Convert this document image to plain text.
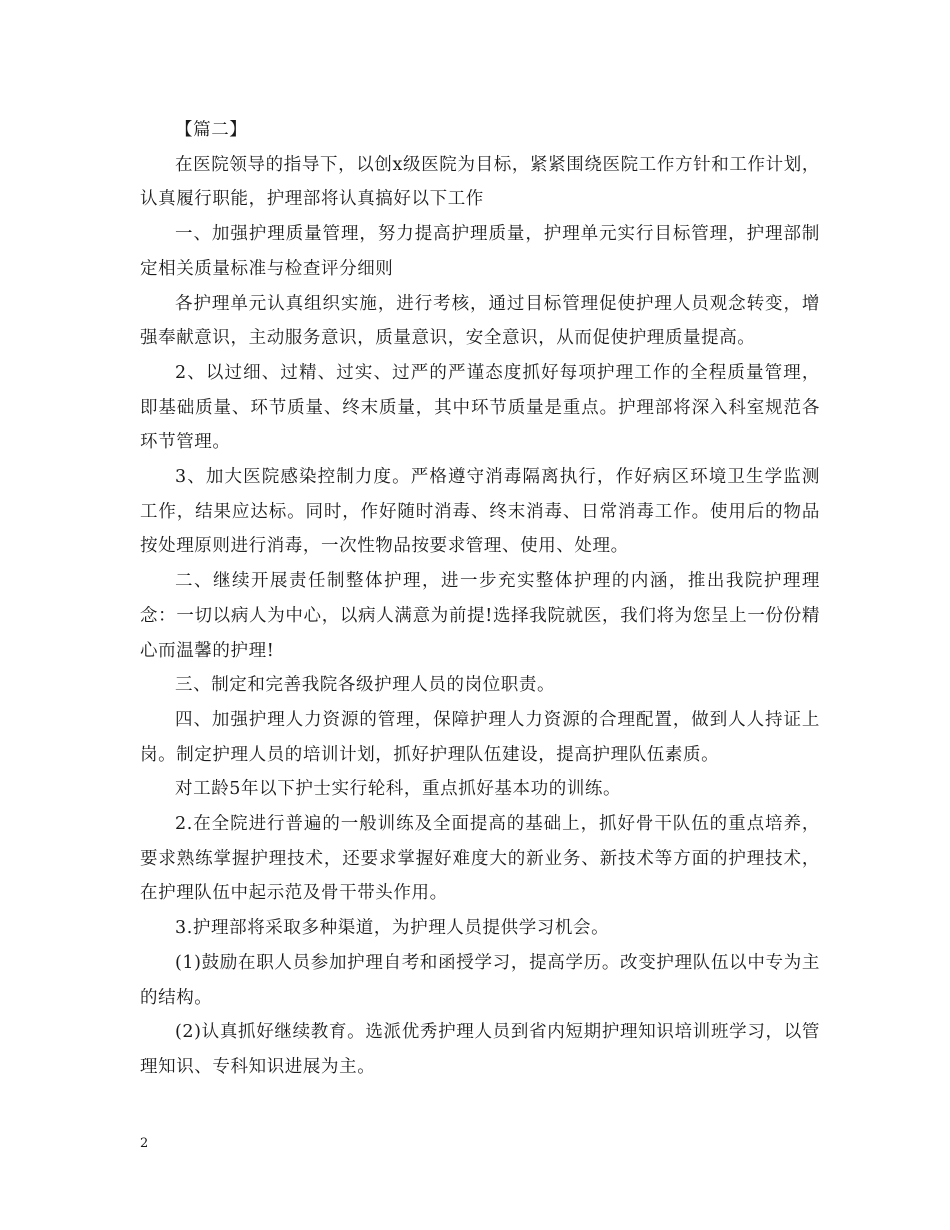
【篇二】

在医院领导的指导下，以创x级医院为目标，紧紧围绕医院工作方针和工作计划，认真履行职能，护理部将认真搞好以下工作

一、加强护理质量管理，努力提高护理质量，护理单元实行目标管理，护理部制定相关质量标准与检查评分细则

各护理单元认真组织实施，进行考核，通过目标管理促使护理人员观念转变，增强奉献意识，主动服务意识，质量意识，安全意识，从而促使护理质量提高。

2、以过细、过精、过实、过严的严谨态度抓好每项护理工作的全程质量管理，即基础质量、环节质量、终末质量，其中环节质量是重点。护理部将深入科室规范各环节管理。

3、加大医院感染控制力度。严格遵守消毒隔离执行，作好病区环境卫生学监测工作，结果应达标。同时，作好随时消毒、终末消毒、日常消毒工作。使用后的物品按处理原则进行消毒，一次性物品按要求管理、使用、处理。

二、继续开展责任制整体护理，进一步充实整体护理的内涵，推出我院护理理念：一切以病人为中心，以病人满意为前提!选择我院就医，我们将为您呈上一份份精心而温馨的护理!

三、制定和完善我院各级护理人员的岗位职责。

四、加强护理人力资源的管理，保障护理人力资源的合理配置，做到人人持证上岗。制定护理人员的培训计划，抓好护理队伍建设，提高护理队伍素质。

对工龄5年以下护士实行轮科，重点抓好基本功的训练。

2.在全院进行普遍的一般训练及全面提高的基础上，抓好骨干队伍的重点培养，要求熟练掌握护理技术，还要求掌握好难度大的新业务、新技术等方面的护理技术，在护理队伍中起示范及骨干带头作用。

3.护理部将采取多种渠道，为护理人员提供学习机会。

(1)鼓励在职人员参加护理自考和函授学习，提高学历。改变护理队伍以中专为主的结构。

(2)认真抓好继续教育。选派优秀护理人员到省内短期护理知识培训班学习，以管理知识、专科知识进展为主。

2
